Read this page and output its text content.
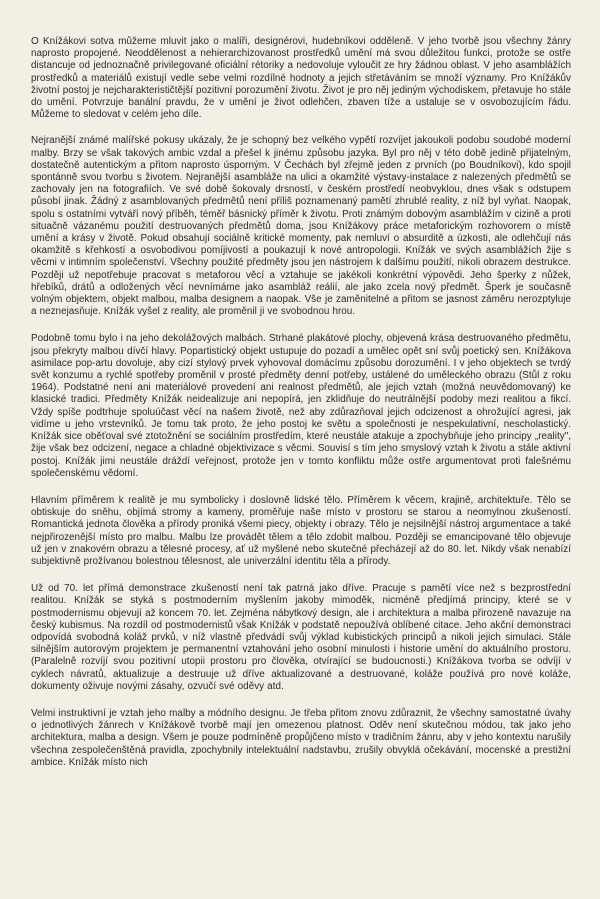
O Knížákovi sotva můžeme mluvit jako o malíři, designérovi, hudebníkovi odděleně. V jeho tvorbě jsou všechny žánry naprosto propojené. Neoddělenost a nehierarchizovanost prostředků umění má svou důležitou funkci, protože se ostře distancuje od jednoznačně privilegované oficiální rétoriky a nedovoluje vyloučit ze hry žádnou oblast. V jeho asamblážích prostředků a materiálů existují vedle sebe velmi rozdílné hodnoty a jejich střetáváním se množí významy. Pro Knížákův životní postoj je nejcharakterističtější pozitivní porozumění životu. Život je pro něj jediným východiskem, přetavuje ho stále do umění. Potvrzuje banální pravdu, že v umění je život odlehčen, zbaven tíže a ustaluje se v osvobozujícím řádu. Můžeme to sledovat v celém jeho díle.

Nejranější známé malířské pokusy ukázaly, že je schopný bez velkého vypětí rozvíjet jakoukoli podobu soudobé moderní malby. Brzy se však takových ambic vzdal a přešel k jinému způsobu jazyka. Byl pro něj v této době jedině přijatelným, dostatečně autentickým a přitom naprosto úsporným. V Čechách byl zřejmě jeden z prvních (po Boudníkovi), kdo spojil spontánně svou tvorbu s životem. Nejranější asambláže na ulici a okamžité výstavy-instalace z nalezených předmětů se zachovaly jen na fotografiích. Ve své době šokovaly drsností, v českém prostředí neobvyklou, dnes však s odstupem působí jinak. Žádný z asamblovaných předmětů není příliš poznamenaný pamětí zhrublé reality, z níž byl vyňat. Naopak, spolu s ostatními vytváří nový příběh, téměř básnický příměr k životu. Proti známým dobovým asamblážím v cizině a proti situačně vázanému použití destruovaných předmětů doma, jsou Knížákovy práce metaforickým rozhovorem o místě umění a krásy v životě. Pokud obsahují sociálně kritické momenty, pak nemluví o absurditě a úzkosti, ale odlehčují nás okamžitě s křehkostí a osvobodivou pomíjivostí a poukazují k nové antropologii. Knížák ve svých asamblážích žije s věcmi v intimním společenství. Všechny použité předměty jsou jen nástrojem k dalšímu použití, nikoli obrazem destrukce. Později už nepotřebuje pracovat s metaforou věcí a vztahuje se jakékoli konkrétní výpovědi. Jeho šperky z nůžek, hřebíků, drátů a odložených věcí nevnímáme jako asambláž reálií, ale jako zcela nový předmět. Šperk je současně volným objektem, objekt malbou, malba designem a naopak. Vše je zaměnitelné a přitom se jasnost záměru nerozptyluje a neznejasňuje. Knížák vyšel z reality, ale proměnil ji ve svobodnou hrou.

Podobně tomu bylo i na jeho dekolážových malbách. Strhané plakátové plochy, objevená krása destruovaného předmětu, jsou překryty malbou dívčí hlavy. Popartistický objekt ustupuje do pozadí a umělec opět sní svůj poetický sen. Knížákova asimilace pop-artu dovoluje, aby cizí stylový prvek vyhovoval domácímu způsobu dorozumění. I v jeho objektech se tvrdý svět konzumu a rychlé spotřeby proměnil v prosté předměty denní potřeby, ustálené do uměleckého obrazu (Stůl z roku 1964). Podstatné není ani materiálové provedení ani realnost předmětů, ale jejich vztah (možná neuvědomovaný) ke klasické tradici. Předměty Knížák neidealizuje ani nepopírá, jen zklidňuje do neutrálnější podoby mezi realitou a fikcí. Vždy spíše podtrhuje spoluúčast věcí na našem životě, než aby zdůrazňoval jejich odcizenost a ohrožující agresi, jak vidíme u jeho vrstevníků. Je tomu tak proto, že jeho postoj ke světu a společnosti je nespekulativní, nescholastický. Knížák sice oběťoval své ztotožnění se sociálním prostředím, které neustále atakuje a zpochybňuje jeho principy „reality", žije však bez odcizení, negace a chladné objektivizace s věcmi. Souvisí s tím jeho smyslový vztah k životu a stále aktivní postoj. Knížák jimi neustále dráždí veřejnost, protože jen v tomto konfliktu může ostře argumentovat proti falešnému společenskému vědomí.

Hlavním příměrem k realitě je mu symbolicky i doslovně lidské tělo. Příměrem k věcem, krajině, architektuře. Tělo se obtiskuje do sněhu, objímá stromy a kameny, proměřuje naše místo v prostoru se starou a neomylnou zkušeností. Romantická jednota člověka a přírody proniká všemi piecy, objekty i obrazy. Tělo je nejsilnější nástroj argumentace a také nejpřirozenější místo pro malbu. Malbu lze provádět tělem a tělo zdobit malbou. Později se emancipované tělo objevuje už jen v znakovém obrazu a tělesné procesy, ať už myšlené nebo skutečné přecházejí až do 80. let. Nikdy však nenabízí subjektivně prožívanou bolestnou tělesnost, ale univerzální identitu těla a přírody.

Už od 70. let přímá demonstrace zkušeností není tak patrná jako dříve. Pracuje s pamětí více než s bezprostřední realitou. Knížák se styká s postmoderním myšlením jakoby mimoděk, nicméně předjímá principy, které se v postmodernismu objevují až koncem 70. let. Zejména nábytkový design, ale i architektura a malba přirozeně navazuje na český kubismus. Na rozdíl od postmodernistů však Knížák v podstatě nepoužívá oblíbené citace. Jeho akční demonstraci odpovídá svobodná koláž prvků, v níž vlastně předvádí svůj výklad kubistických principů a nikoli jejich simulaci. Stále silnějším autorovým projektem je permanentní vztahování jeho osobní minulosti i historie umění do aktuálního prostoru. (Paralelně rozvíjí svou pozitivní utopii prostoru pro člověka, otvírající se budoucnosti.) Knížákova tvorba se odvíjí v cyklech návratů, aktualizuje a destruuje už dříve aktualizované a destruované, koláže používá pro nové koláže, dokumenty oživuje novými zásahy, ozvučí své oděvy atd.

Velmi instruktivní je vztah jeho malby a módního designu. Je třeba přitom znovu zdůraznit, že všechny samostatné úvahy o jednotlivých žánrech v Knížákově tvorbě mají jen omezenou platnost. Oděv není skutečnou módou, tak jako jeho architektura, malba a design. Všem je pouze podmíněně propůjčeno místo v tradičním žánru, aby v jeho kontextu narušily všechna zespolečenštěná pravidla, zpochybnily intelektuální nadstavbu, zrušily obvyklá očekávání, mocenské a prestižní ambice. Knížák místo nich
